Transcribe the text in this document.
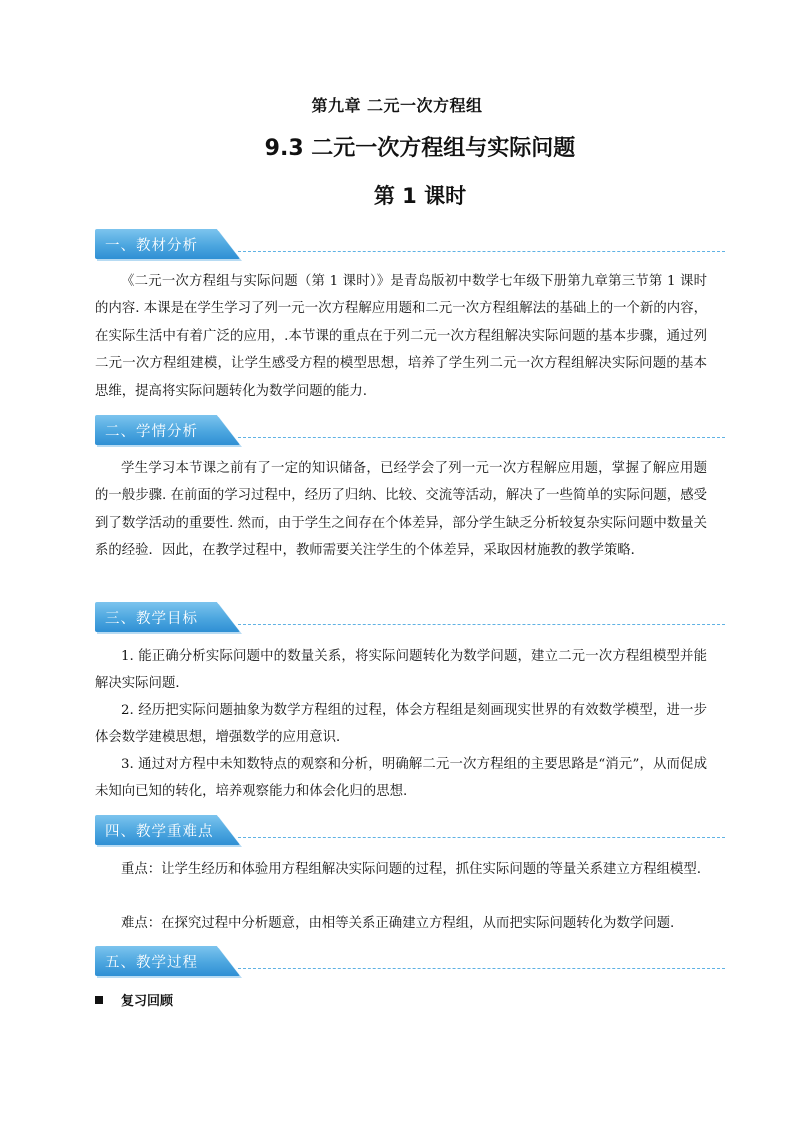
第九章 二元一次方程组
9.3 二元一次方程组与实际问题
第 1 课时
一、教材分析

《二元一次方程组与实际问题（第 1 课时）》是青岛版初中数学七年级下册第九章第三节第 1 课时的内容. 本课是在学生学习了列一元一次方程解应用题和二元一次方程组解法的基础上的一个新的内容，在实际生活中有着广泛的应用，.本节课的重点在于列二元一次方程组解决实际问题的基本步骤，通过列二元一次方程组建模，让学生感受方程的模型思想，培养了学生列二元一次方程组解决实际问题的基本思维，提高将实际问题转化为数学问题的能力.

二、学情分析

学生学习本节课之前有了一定的知识储备，已经学会了列一元一次方程解应用题，掌握了解应用题的一般步骤. 在前面的学习过程中，经历了归纳、比较、交流等活动，解决了一些简单的实际问题，感受到了数学活动的重要性. 然而，由于学生之间存在个体差异，部分学生缺乏分析较复杂实际问题中数量关系的经验．因此，在教学过程中，教师需要关注学生的个体差异，采取因材施教的教学策略．

三、教学目标

1. 能正确分析实际问题中的数量关系，将实际问题转化为数学问题，建立二元一次方程组模型并能解决实际问题．

2. 经历把实际问题抽象为数学方程组的过程，体会方程组是刻画现实世界的有效数学模型，进一步体会数学建模思想，增强数学的应用意识．

3. 通过对方程中未知数特点的观察和分析，明确解二元一次方程组的主要思路是“消元”，从而促成未知向已知的转化，培养观察能力和体会化归的思想.

四、教学重难点

重点：让学生经历和体验用方程组解决实际问题的过程，抓住实际问题的等量关系建立方程组模型.

难点：在探究过程中分析题意，由相等关系正确建立方程组，从而把实际问题转化为数学问题.

五、教学过程
复习回顾
